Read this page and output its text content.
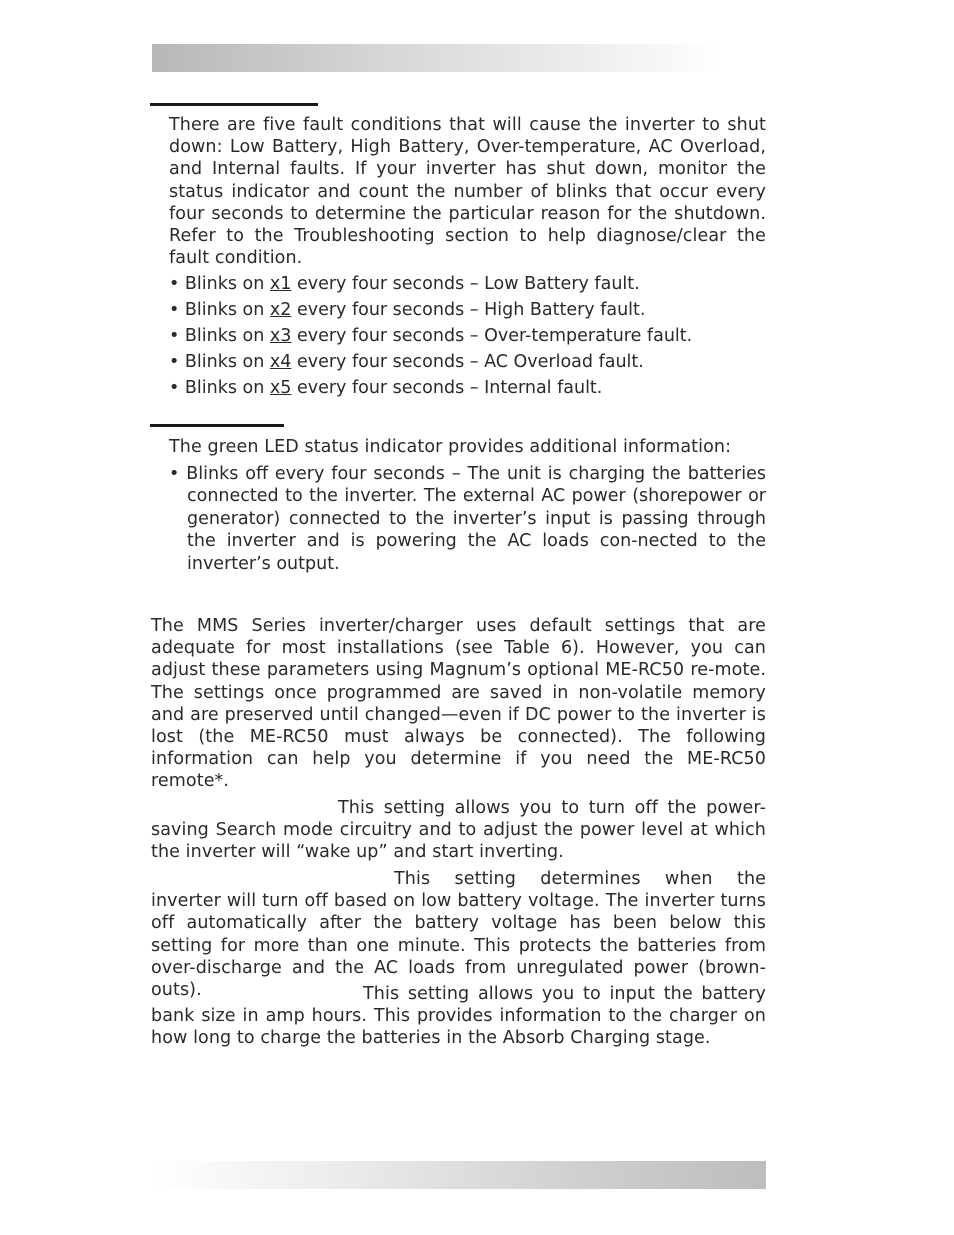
There are five fault conditions that will cause the inverter to shut down: Low Battery, High Battery, Over-temperature, AC Overload, and Internal faults. If your inverter has shut down, monitor the status indicator and count the number of blinks that occur every four seconds to determine the particular reason for the shutdown. Refer to the Troubleshooting section to help diagnose/clear the fault condition.

• Blinks on x1 every four seconds – Low Battery fault.
• Blinks on x2 every four seconds – High Battery fault.
• Blinks on x3 every four seconds – Over-temperature fault.
• Blinks on x4 every four seconds – AC Overload fault.
• Blinks on x5 every four seconds – Internal fault.

The green LED status indicator provides additional information:

• Blinks off every four seconds – The unit is charging the batteries connected to the inverter. The external AC power (shorepower or generator) connected to the inverter’s input is passing through the inverter and is powering the AC loads con-nected to the inverter’s output.

The MMS Series inverter/charger uses default settings that are adequate for most installations (see Table 6). However, you can adjust these parameters using Magnum’s optional ME-RC50 re-mote. The settings once programmed are saved in non-volatile memory and are preserved until changed—even if DC power to the inverter is lost (the ME-RC50 must always be connected). The following information can help you determine if you need the ME-RC50 remote*.

This setting allows you to turn off the power-saving Search mode circuitry and to adjust the power level at which the inverter will “wake up” and start inverting.

This setting determines when the inverter will turn off based on low battery voltage. The inverter turns off automatically after the battery voltage has been below this setting for more than one minute. This protects the batteries from over-discharge and the AC loads from unregulated power (brown-outs).	This setting allows you to input the battery bank size in amp hours. This provides information to the charger on how long to charge the batteries in the Absorb Charging stage.
